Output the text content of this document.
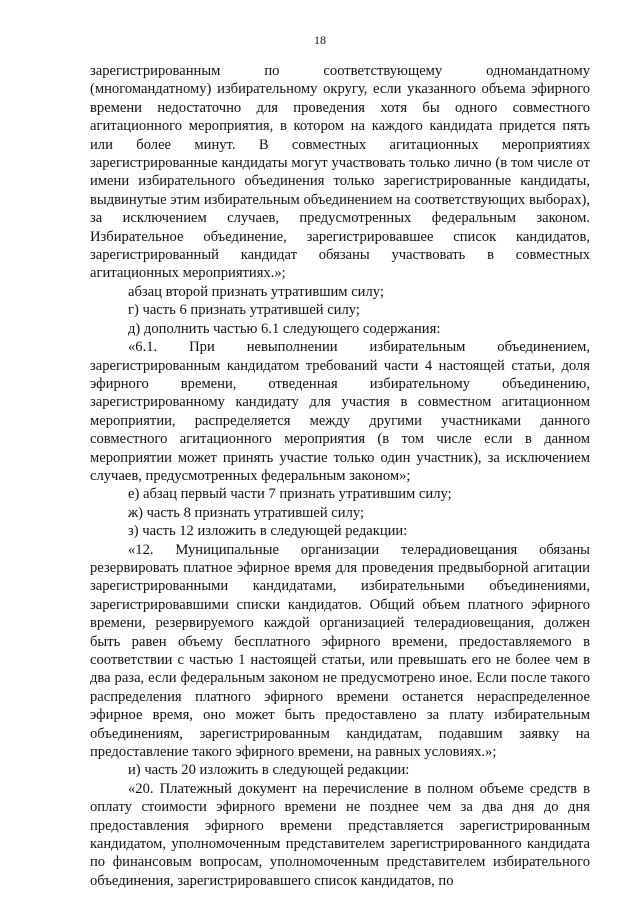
18

зарегистрированным по соответствующему одномандатному (многомандатному) избирательному округу, если указанного объема эфирного времени недостаточно для проведения хотя бы одного совместного агитационного мероприятия, в котором на каждого кандидата придется пять или более минут. В совместных агитационных мероприятиях зарегистрированные кандидаты могут участвовать только лично (в том числе от имени избирательного объединения только зарегистрированные кандидаты, выдвинутые этим избирательным объединением на соответствующих выборах), за исключением случаев, предусмотренных федеральным законом. Избирательное объединение, зарегистрировавшее список кандидатов, зарегистрированный кандидат обязаны участвовать в совместных агитационных мероприятиях.»;

абзац второй признать утратившим силу;

г) часть 6 признать утратившей силу;

д) дополнить частью 6.1 следующего содержания:

«6.1. При невыполнении избирательным объединением, зарегистрированным кандидатом требований части 4 настоящей статьи, доля эфирного времени, отведенная избирательному объединению, зарегистрированному кандидату для участия в совместном агитационном мероприятии, распределяется между другими участниками данного совместного агитационного мероприятия (в том числе если в данном мероприятии может принять участие только один участник), за исключением случаев, предусмотренных федеральным законом»;

е) абзац первый части 7 признать утратившим силу;

ж) часть 8 признать утратившей силу;

з) часть 12 изложить в следующей редакции:

«12. Муниципальные организации телерадиовещания обязаны резервировать платное эфирное время для проведения предвыборной агитации зарегистрированными кандидатами, избирательными объединениями, зарегистрировавшими списки кандидатов. Общий объем платного эфирного времени, резервируемого каждой организацией телерадиовещания, должен быть равен объему бесплатного эфирного времени, предоставляемого в соответствии с частью 1 настоящей статьи, или превышать его не более чем в два раза, если федеральным законом не предусмотрено иное. Если после такого распределения платного эфирного времени останется нераспределенное эфирное время, оно может быть предоставлено за плату избирательным объединениям, зарегистрированным кандидатам, подавшим заявку на предоставление такого эфирного времени, на равных условиях.»;

и) часть 20 изложить в следующей редакции:

«20. Платежный документ на перечисление в полном объеме средств в оплату стоимости эфирного времени не позднее чем за два дня до дня предоставления эфирного времени представляется зарегистрированным кандидатом, уполномоченным представителем зарегистрированного кандидата по финансовым вопросам, уполномоченным представителем избирательного объединения, зарегистрировавшего список кандидатов, по
